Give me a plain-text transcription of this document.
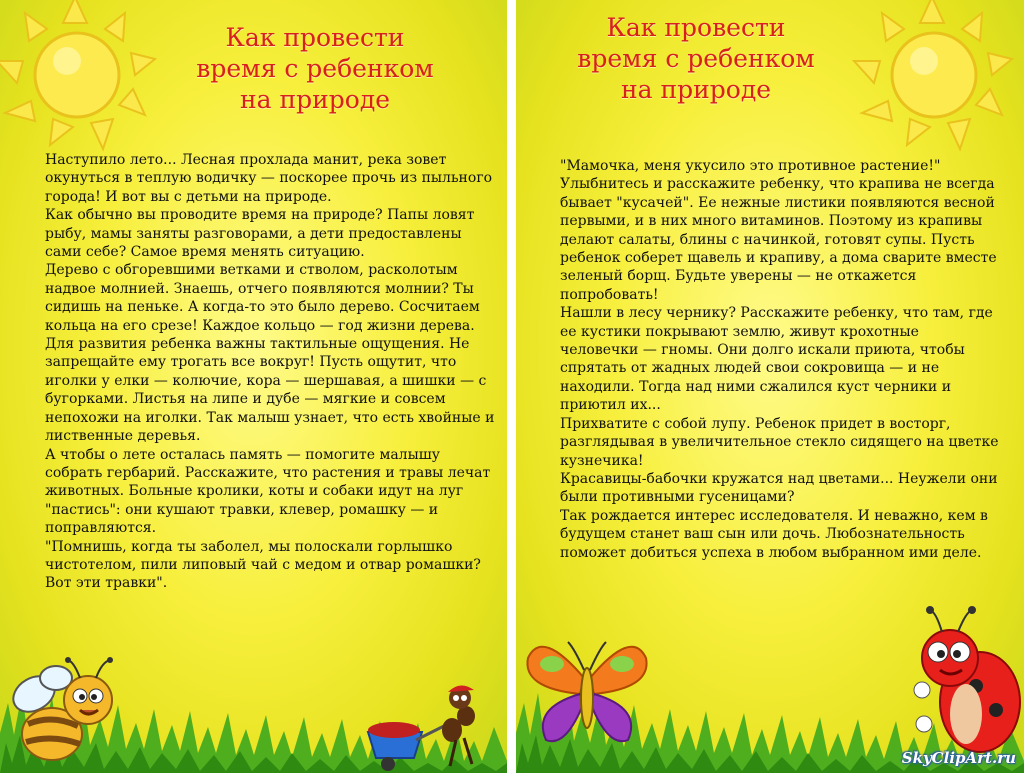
Как провести
время с ребенком
на природе

Наступило лето... Лесная прохлада манит, река зовет окунуться в теплую водичку — поскорее прочь из пыльного города! И вот вы с детьми на природе.

Как обычно вы проводите время на природе? Папы ловят рыбу, мамы заняты разговорами, а дети предоставлены сами себе? Самое время менять ситуацию.

Дерево с обгоревшими ветками и стволом, расколотым надвое молнией. Знаешь, отчего появляются молнии? Ты сидишь на пеньке. А когда-то это было дерево. Сосчитаем кольца на его срезе! Каждое кольцо — год жизни дерева.

Для развития ребенка важны тактильные ощущения. Не запрещайте ему трогать все вокруг! Пусть ощутит, что иголки у елки — колючие, кора — шершавая, а шишки — с бугорками. Листья на липе и дубе — мягкие и совсем непохожи на иголки. Так малыш узнает, что есть хвойные и лиственные деревья.

А чтобы о лете осталась память — помогите малышу собрать гербарий. Расскажите, что растения и травы лечат животных. Больные кролики, коты и собаки идут на луг "пастись": они кушают травки, клевер, ромашку — и поправляются.

"Помнишь, когда ты заболел, мы полоскали горлышко чистотелом, пили липовый чай с медом и отвар ромашки? Вот эти травки".

Как провести
время с ребенком
на природе

"Мамочка, меня укусило это противное растение!" Улыбнитесь и расскажите ребенку, что крапива не всегда бывает "кусачей". Ее нежные листики появляются весной первыми, и в них много витаминов. Поэтому из крапивы делают салаты, блины с начинкой, готовят супы. Пусть ребенок соберет щавель и крапиву, а дома сварите вместе зеленый борщ. Будьте уверены — не откажется попробовать!

Нашли в лесу чернику? Расскажите ребенку, что там, где ее кустики покрывают землю, живут крохотные человечки — гномы. Они долго искали приюта, чтобы спрятать от жадных людей свои сокровища — и не находили. Тогда над ними сжалился куст черники и приютил их...

Прихватите с собой лупу. Ребенок придет в восторг, разглядывая в увеличительное стекло сидящего на цветке кузнечика!

Красавицы-бабочки кружатся над цветами... Неужели они были противными гусеницами?

Так рождается интерес исследователя. И неважно, кем в будущем станет ваш сын или дочь. Любознательность поможет добиться успеха в любом выбранном ими деле.

SkyClipArt.ru
